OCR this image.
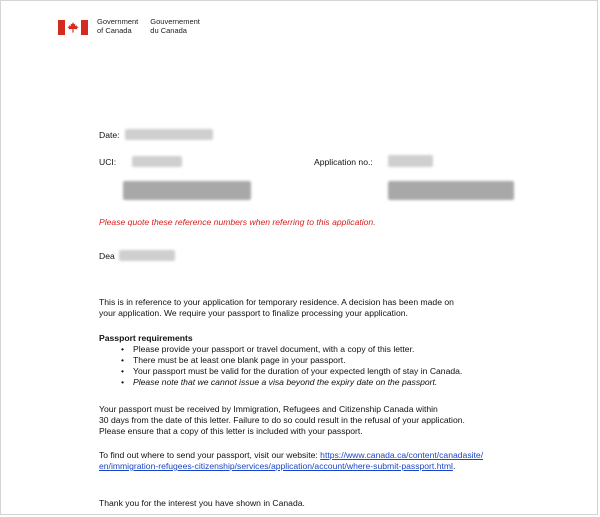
Government
of Canada
Gouvernement
du Canada
Date:
UCI:	Application no.:
Please quote these reference numbers when referring to this application.
Dea
This is in reference to your application for temporary residence. A decision has been made on
your application. We require your passport to finalize processing your application.
Passport requirements
• Please provide your passport or travel document, with a copy of this letter.
• There must be at least one blank page in your passport.
• Your passport must be valid for the duration of your expected length of stay in Canada.
• Please note that we cannot issue a visa beyond the expiry date on the passport.
Your passport must be received by Immigration, Refugees and Citizenship Canada within
30 days from the date of this letter. Failure to do so could result in the refusal of your application.
Please ensure that a copy of this letter is included with your passport.
To find out where to send your passport, visit our website: https://www.canada.ca/content/canadasite/
en/immigration-refugees-citizenship/services/application/account/where-submit-passport.html.
Thank you for the interest you have shown in Canada.
